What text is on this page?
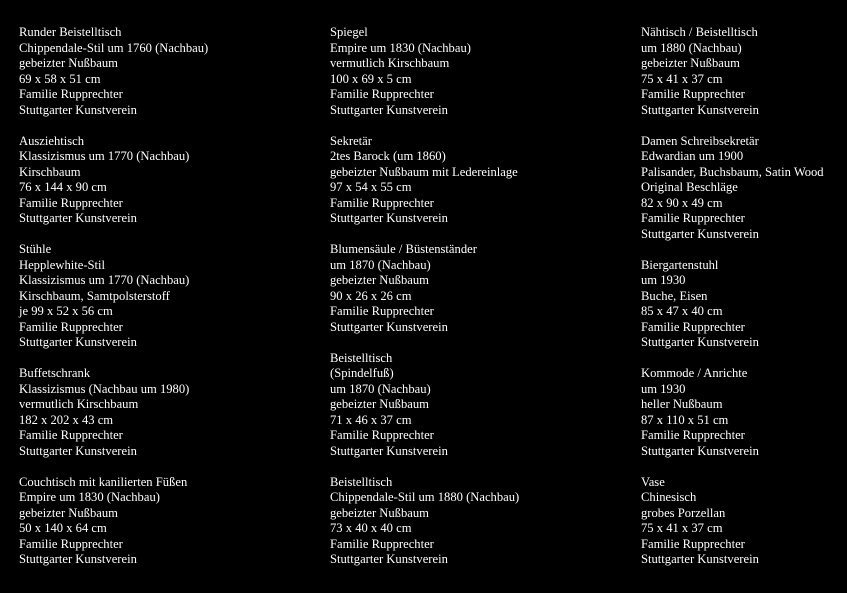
Runder Beistelltisch
Chippendale-Stil um 1760 (Nachbau)
gebeizter Nußbaum
69 x 58 x 51 cm
Familie Rupprechter
Stuttgarter Kunstverein
Ausziehtisch
Klassizismus um 1770 (Nachbau)
Kirschbaum
76 x 144 x 90 cm
Familie Rupprechter
Stuttgarter Kunstverein
Stühle
Hepplewhite-Stil
Klassizismus um 1770 (Nachbau)
Kirschbaum, Samtpolsterstoff
je 99 x 52 x 56 cm
Familie Rupprechter
Stuttgarter Kunstverein
Buffetschrank
Klassizismus (Nachbau um 1980)
vermutlich Kirschbaum
182 x 202 x 43 cm
Familie Rupprechter
Stuttgarter Kunstverein
Couchtisch mit kanilierten Füßen
Empire um 1830 (Nachbau)
gebeizter Nußbaum
50 x 140 x 64 cm
Familie Rupprechter
Stuttgarter Kunstverein
Spiegel
Empire um 1830 (Nachbau)
vermutlich Kirschbaum
100 x 69 x 5 cm
Familie Rupprechter
Stuttgarter Kunstverein
Sekretär
2tes Barock (um 1860)
gebeizter Nußbaum mit Ledereinlage
97 x 54 x 55 cm
Familie Rupprechter
Stuttgarter Kunstverein
Blumensäule / Büstenständer
um 1870 (Nachbau)
gebeizter Nußbaum
90 x 26 x 26 cm
Familie Rupprechter
Stuttgarter Kunstverein
Beistelltisch
(Spindelfuß)
um 1870 (Nachbau)
gebeizter Nußbaum
71 x 46 x 37 cm
Familie Rupprechter
Stuttgarter Kunstverein
Beistelltisch
Chippendale-Stil um 1880 (Nachbau)
gebeizter Nußbaum
73 x 40 x 40 cm
Familie Rupprechter
Stuttgarter Kunstverein
Nähtisch / Beistelltisch
um 1880 (Nachbau)
gebeizter Nußbaum
75 x 41 x 37 cm
Familie Rupprechter
Stuttgarter Kunstverein
Damen Schreibsekretär
Edwardian um 1900
Palisander, Buchsbaum, Satin Wood
Original Beschläge
82 x 90 x 49 cm
Familie Rupprechter
Stuttgarter Kunstverein
Biergartenstuhl
um 1930
Buche, Eisen
85 x 47 x 40 cm
Familie Rupprechter
Stuttgarter Kunstverein
Kommode / Anrichte
um 1930
heller Nußbaum
87 x 110 x 51 cm
Familie Rupprechter
Stuttgarter Kunstverein
Vase
Chinesisch
grobes Porzellan
75 x 41 x 37 cm
Familie Rupprechter
Stuttgarter Kunstverein
